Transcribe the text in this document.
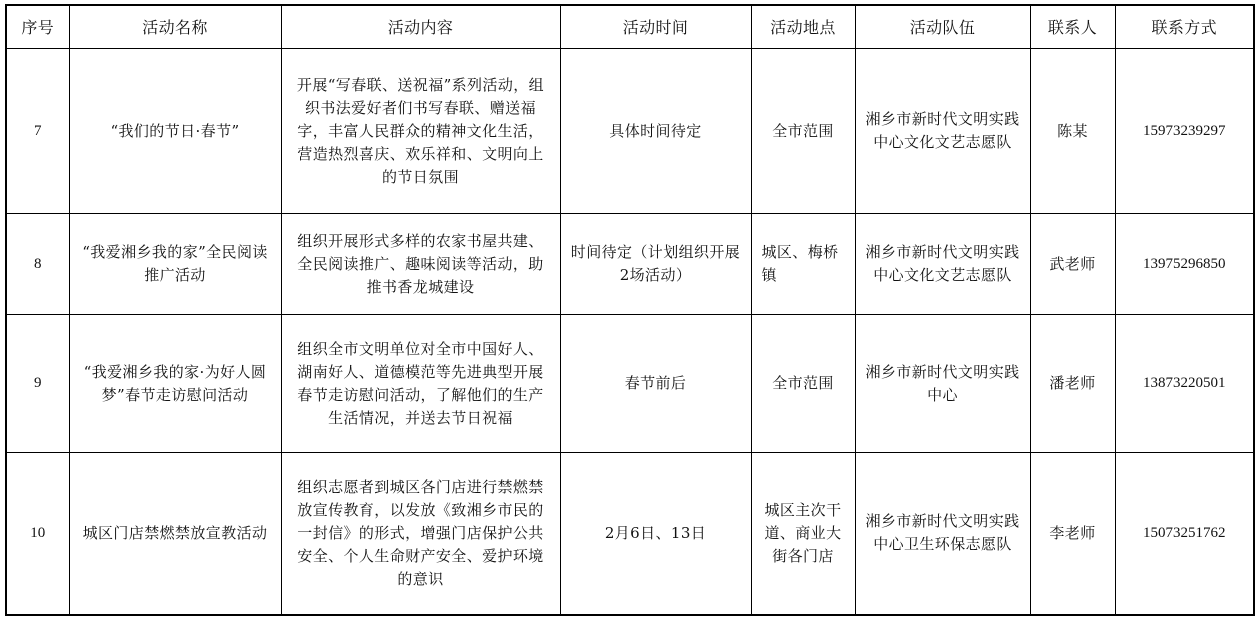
序号	活动名称	活动内容	活动时间	活动地点	活动队伍	联系人	联系方式
7	“我们的节日·春节”	开展“写春联、送祝福”系列活动，组织书法爱好者们书写春联、赠送福字，丰富人民群众的精神文化生活，营造热烈喜庆、欢乐祥和、文明向上的节日氛围	具体时间待定	全市范围	湘乡市新时代文明实践中心文化文艺志愿队	陈某	15973239297
8	“我爱湘乡我的家”全民阅读推广活动	组织开展形式多样的农家书屋共建、全民阅读推广、趣味阅读等活动，助推书香龙城建设	时间待定（计划组织开展2场活动）	城区、梅桥镇	湘乡市新时代文明实践中心文化文艺志愿队	武老师	13975296850
9	“我爱湘乡我的家·为好人圆梦”春节走访慰问活动	组织全市文明单位对全市中国好人、湖南好人、道德模范等先进典型开展春节走访慰问活动，了解他们的生产生活情况，并送去节日祝福	春节前后	全市范围	湘乡市新时代文明实践中心	潘老师	13873220501
10	城区门店禁燃禁放宣教活动	组织志愿者到城区各门店进行禁燃禁放宣传教育，以发放《致湘乡市民的一封信》的形式，增强门店保护公共安全、个人生命财产安全、爱护环境的意识	2月6日、13日	城区主次干道、商业大街各门店	湘乡市新时代文明实践中心卫生环保志愿队	李老师	15073251762
